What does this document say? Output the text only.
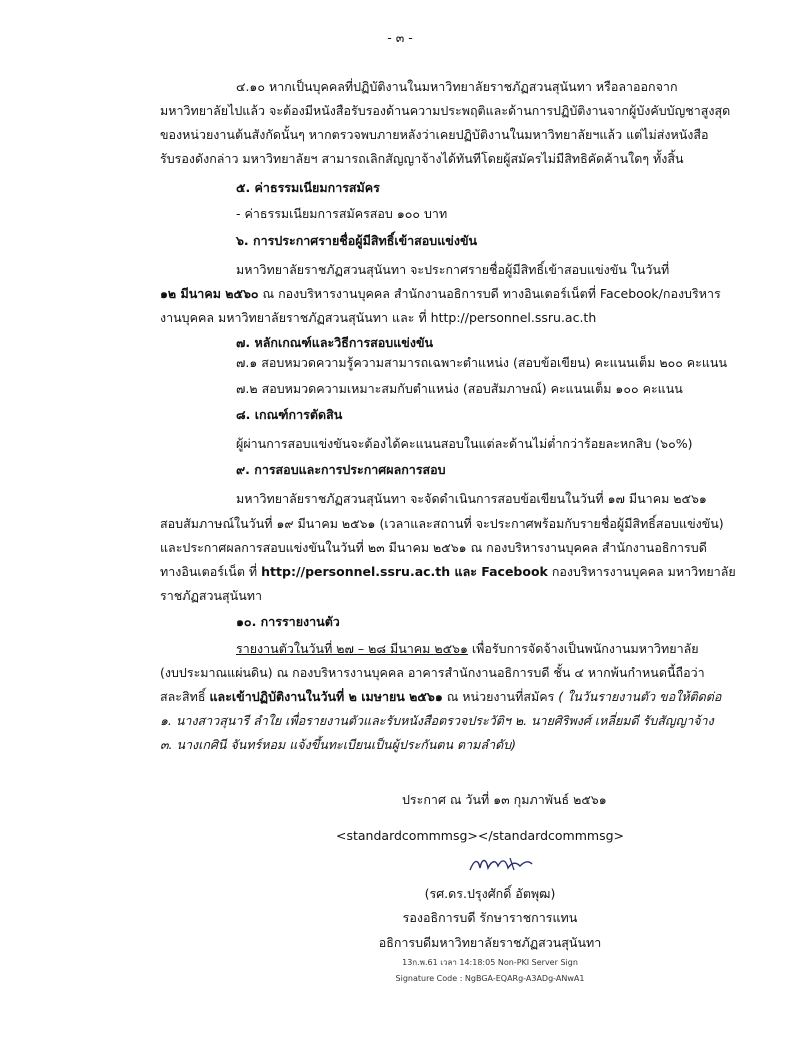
- ๓ -
๔.๑๐ หากเป็นบุคคลที่ปฏิบัติงานในมหาวิทยาลัยราชภัฏสวนสุนันทา หรือลาออกจาก
มหาวิทยาลัยไปแล้ว จะต้องมีหนังสือรับรองด้านความประพฤติและด้านการปฏิบัติงานจากผู้บังคับบัญชาสูงสุด
ของหน่วยงานต้นสังกัดนั้นๆ หากตรวจพบภายหลังว่าเคยปฏิบัติงานในมหาวิทยาลัยฯแล้ว แต่ไม่ส่งหนังสือ
รับรองดังกล่าว มหาวิทยาลัยฯ สามารถเลิกสัญญาจ้างได้ทันทีโดยผู้สมัครไม่มีสิทธิคัดค้านใดๆ ทั้งสิ้น
๕. ค่าธรรมเนียมการสมัคร
- ค่าธรรมเนียมการสมัครสอบ ๑๐๐ บาท
๖. การประกาศรายชื่อผู้มีสิทธิ์เข้าสอบแข่งขัน
มหาวิทยาลัยราชภัฏสวนสุนันทา จะประกาศรายชื่อผู้มีสิทธิ์เข้าสอบแข่งขัน ในวันที่
๑๒ มีนาคม ๒๕๖๐ ณ กองบริหารงานบุคคล สำนักงานอธิการบดี ทางอินเตอร์เน็ตที่ Facebook/กองบริหาร
งานบุคคล มหาวิทยาลัยราชภัฏสวนสุนันทา และ ที่ http://personnel.ssru.ac.th
๗. หลักเกณฑ์และวิธีการสอบแข่งขัน
๗.๑ สอบหมวดความรู้ความสามารถเฉพาะตำแหน่ง (สอบข้อเขียน) คะแนนเต็ม ๒๐๐ คะแนน
๗.๒ สอบหมวดความเหมาะสมกับตำแหน่ง (สอบสัมภาษณ์) คะแนนเต็ม ๑๐๐ คะแนน
๘. เกณฑ์การตัดสิน
ผู้ผ่านการสอบแข่งขันจะต้องได้คะแนนสอบในแต่ละด้านไม่ต่ำกว่าร้อยละหกสิบ (๖๐%)
๙. การสอบและการประกาศผลการสอบ
มหาวิทยาลัยราชภัฏสวนสุนันทา จะจัดดำเนินการสอบข้อเขียนในวันที่ ๑๗ มีนาคม ๒๕๖๑
สอบสัมภาษณ์ในวันที่ ๑๙ มีนาคม ๒๕๖๑ (เวลาและสถานที่ จะประกาศพร้อมกับรายชื่อผู้มีสิทธิ์สอบแข่งขัน)
และประกาศผลการสอบแข่งขันในวันที่ ๒๓ มีนาคม ๒๕๖๑ ณ กองบริหารงานบุคคล สำนักงานอธิการบดี
ทางอินเตอร์เน็ต ที่ http://personnel.ssru.ac.th และ Facebook กองบริหารงานบุคคล มหาวิทยาลัย
ราชภัฏสวนสุนันทา
๑๐. การรายงานตัว
รายงานตัวในวันที่ ๒๗ – ๒๘ มีนาคม ๒๕๖๑ เพื่อรับการจัดจ้างเป็นพนักงานมหาวิทยาลัย
(งบประมาณแผ่นดิน) ณ กองบริหารงานบุคคล อาคารสำนักงานอธิการบดี ชั้น ๔ หากพ้นกำหนดนี้ถือว่า
สละสิทธิ์ และเข้าปฏิบัติงานในวันที่ ๒ เมษายน ๒๕๖๑ ณ หน่วยงานที่สมัคร ( ในวันรายงานตัว ขอให้ติดต่อ
๑. นางสาวสุนารี ลำใย เพื่อรายงานตัวและรับหนังสือตรวจประวัติฯ ๒. นายศิริพงศ์ เหลี่ยมดี รับสัญญาจ้าง
๓. นางเกศินี จันทร์หอม แจ้งขึ้นทะเบียนเป็นผู้ประกันตน ตามลำดับ)
ประกาศ ณ วันที่ ๑๓ กุมภาพันธ์ ๒๕๖๑
<standardcommmsg></standardcommmsg>
(รศ.ดร.ปรุงศักดิ์ อัตพุฒ)
รองอธิการบดี รักษาราชการแทน
อธิการบดีมหาวิทยาลัยราชภัฏสวนสุนันทา
13ก.พ.61 เวลา 14:18:05 Non-PKI Server Sign
Signature Code : NgBGA-EQARg-A3ADg-ANwA1
